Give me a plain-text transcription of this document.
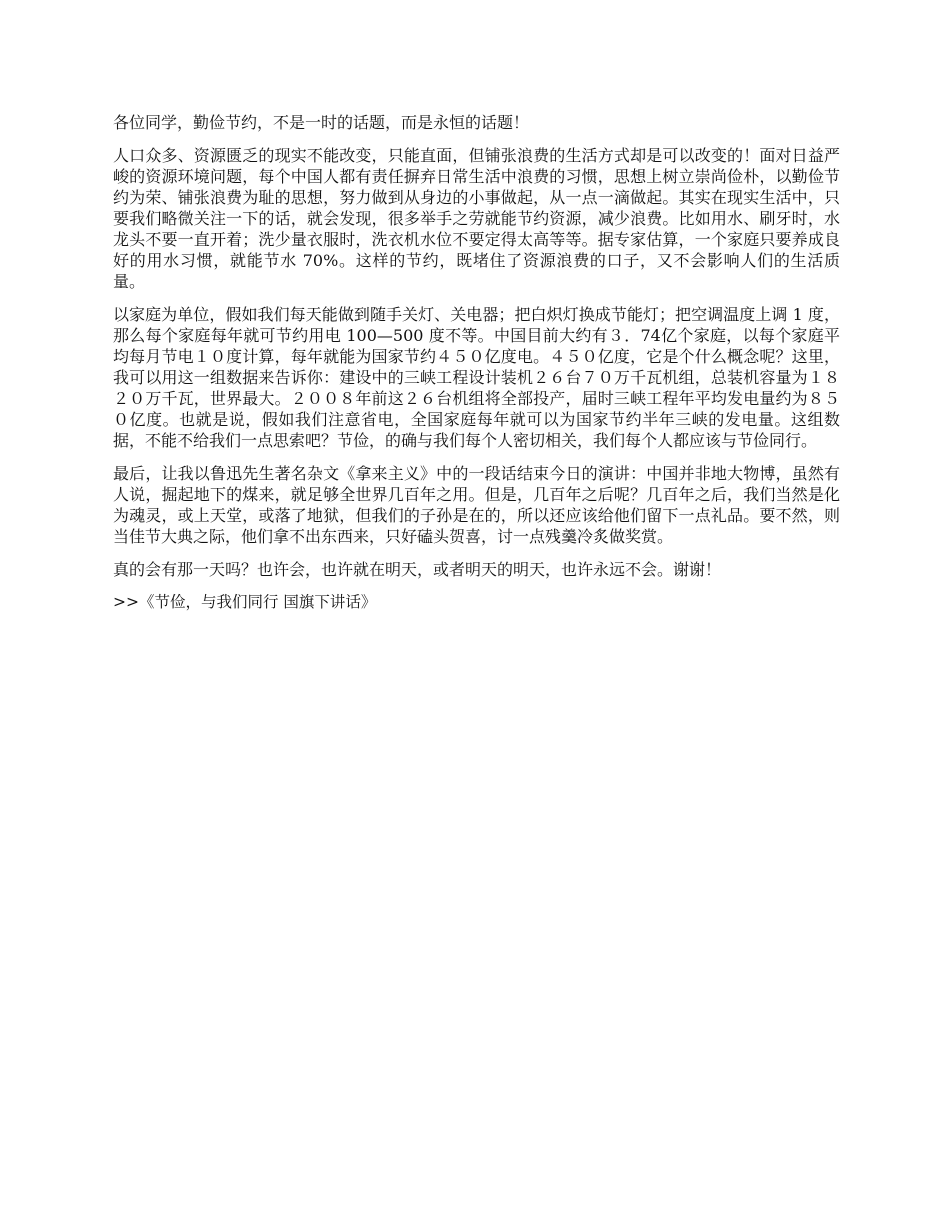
各位同学，勤俭节约，不是一时的话题，而是永恒的话题！

人口众多、资源匮乏的现实不能改变，只能直面，但铺张浪费的生活方式却是可以改变的！面对日益严峻的资源环境问题，每个中国人都有责任摒弃日常生活中浪费的习惯，思想上树立崇尚俭朴，以勤俭节约为荣、铺张浪费为耻的思想，努力做到从身边的小事做起，从一点一滴做起。其实在现实生活中，只要我们略微关注一下的话，就会发现，很多举手之劳就能节约资源，减少浪费。比如用水、刷牙时，水龙头不要一直开着；洗少量衣服时，洗衣机水位不要定得太高等等。据专家估算，一个家庭只要养成良好的用水习惯，就能节水 70%。这样的节约，既堵住了资源浪费的口子，又不会影响人们的生活质量。

以家庭为单位，假如我们每天能做到随手关灯、关电器；把白炽灯换成节能灯；把空调温度上调 1 度，那么每个家庭每年就可节约用电 100—500 度不等。中国目前大约有３．74亿个家庭，以每个家庭平均每月节电１０度计算，每年就能为国家节约４５０亿度电。４５０亿度，它是个什么概念呢？这里，我可以用这一组数据来告诉你：建设中的三峡工程设计装机２６台７０万千瓦机组，总装机容量为１８２０万千瓦，世界最大。２００８年前这２６台机组将全部投产，届时三峡工程年平均发电量约为８５０亿度。也就是说，假如我们注意省电，全国家庭每年就可以为国家节约半年三峡的发电量。这组数据，不能不给我们一点思索吧？节俭，的确与我们每个人密切相关，我们每个人都应该与节俭同行。

最后，让我以鲁迅先生著名杂文《拿来主义》中的一段话结束今日的演讲：中国并非地大物博，虽然有人说，掘起地下的煤来，就足够全世界几百年之用。但是，几百年之后呢？几百年之后，我们当然是化为魂灵，或上天堂，或落了地狱，但我们的子孙是在的，所以还应该给他们留下一点礼品。要不然，则当佳节大典之际，他们拿不出东西来，只好磕头贺喜，讨一点残羹冷炙做奖赏。

真的会有那一天吗？也许会，也许就在明天，或者明天的明天，也许永远不会。谢谢！

>>《节俭，与我们同行 国旗下讲话》
